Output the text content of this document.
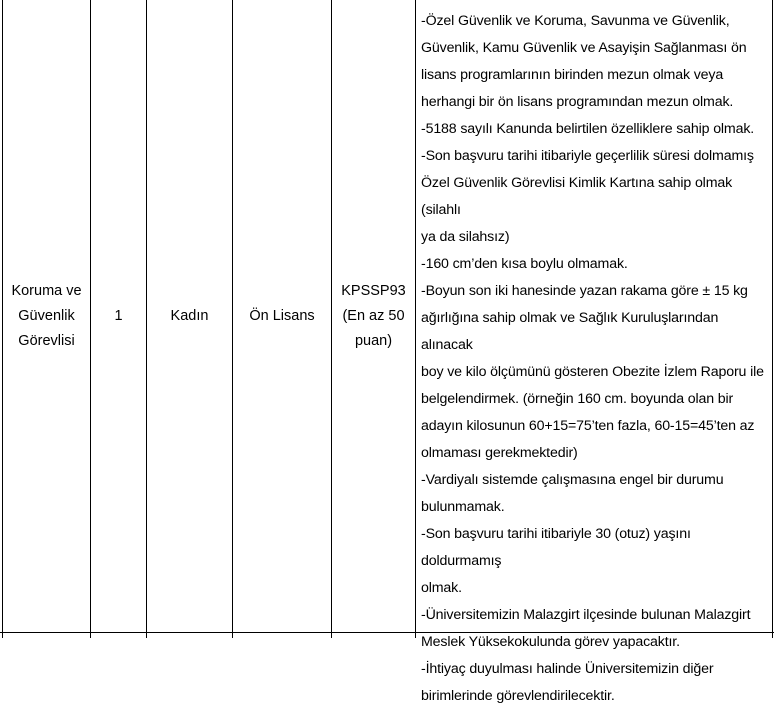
Koruma ve
Güvenlik
Görevlisi
1	Kadın	Ön Lisans
KPSSP93
(En az 50
puan)

-Özel Güvenlik ve Koruma, Savunma ve Güvenlik,

Güvenlik, Kamu Güvenlik ve Asayişin Sağlanması ön

lisans programlarının birinden mezun olmak veya

herhangi bir ön lisans programından mezun olmak.

-5188 sayılı Kanunda belirtilen özelliklere sahip olmak.

-Son başvuru tarihi itibariyle geçerlilik süresi dolmamış

Özel Güvenlik Görevlisi Kimlik Kartına sahip olmak (silahlı

ya da silahsız)

-160 cm’den kısa boylu olmamak.

-Boyun son iki hanesinde yazan rakama göre ± 15 kg

ağırlığına sahip olmak ve Sağlık Kuruluşlarından alınacak

boy ve kilo ölçümünü gösteren Obezite İzlem Raporu ile

belgelendirmek. (örneğin 160 cm. boyunda olan bir

adayın kilosunun 60+15=75’ten fazla, 60-15=45’ten az

olmaması gerekmektedir)

-Vardiyalı sistemde çalışmasına engel bir durumu

bulunmamak.

-Son başvuru tarihi itibariyle 30 (otuz) yaşını doldurmamış

olmak.

-Üniversitemizin Malazgirt ilçesinde bulunan Malazgirt

Meslek Yüksekokulunda görev yapacaktır.

-İhtiyaç duyulması halinde Üniversitemizin diğer

birimlerinde görevlendirilecektir.
